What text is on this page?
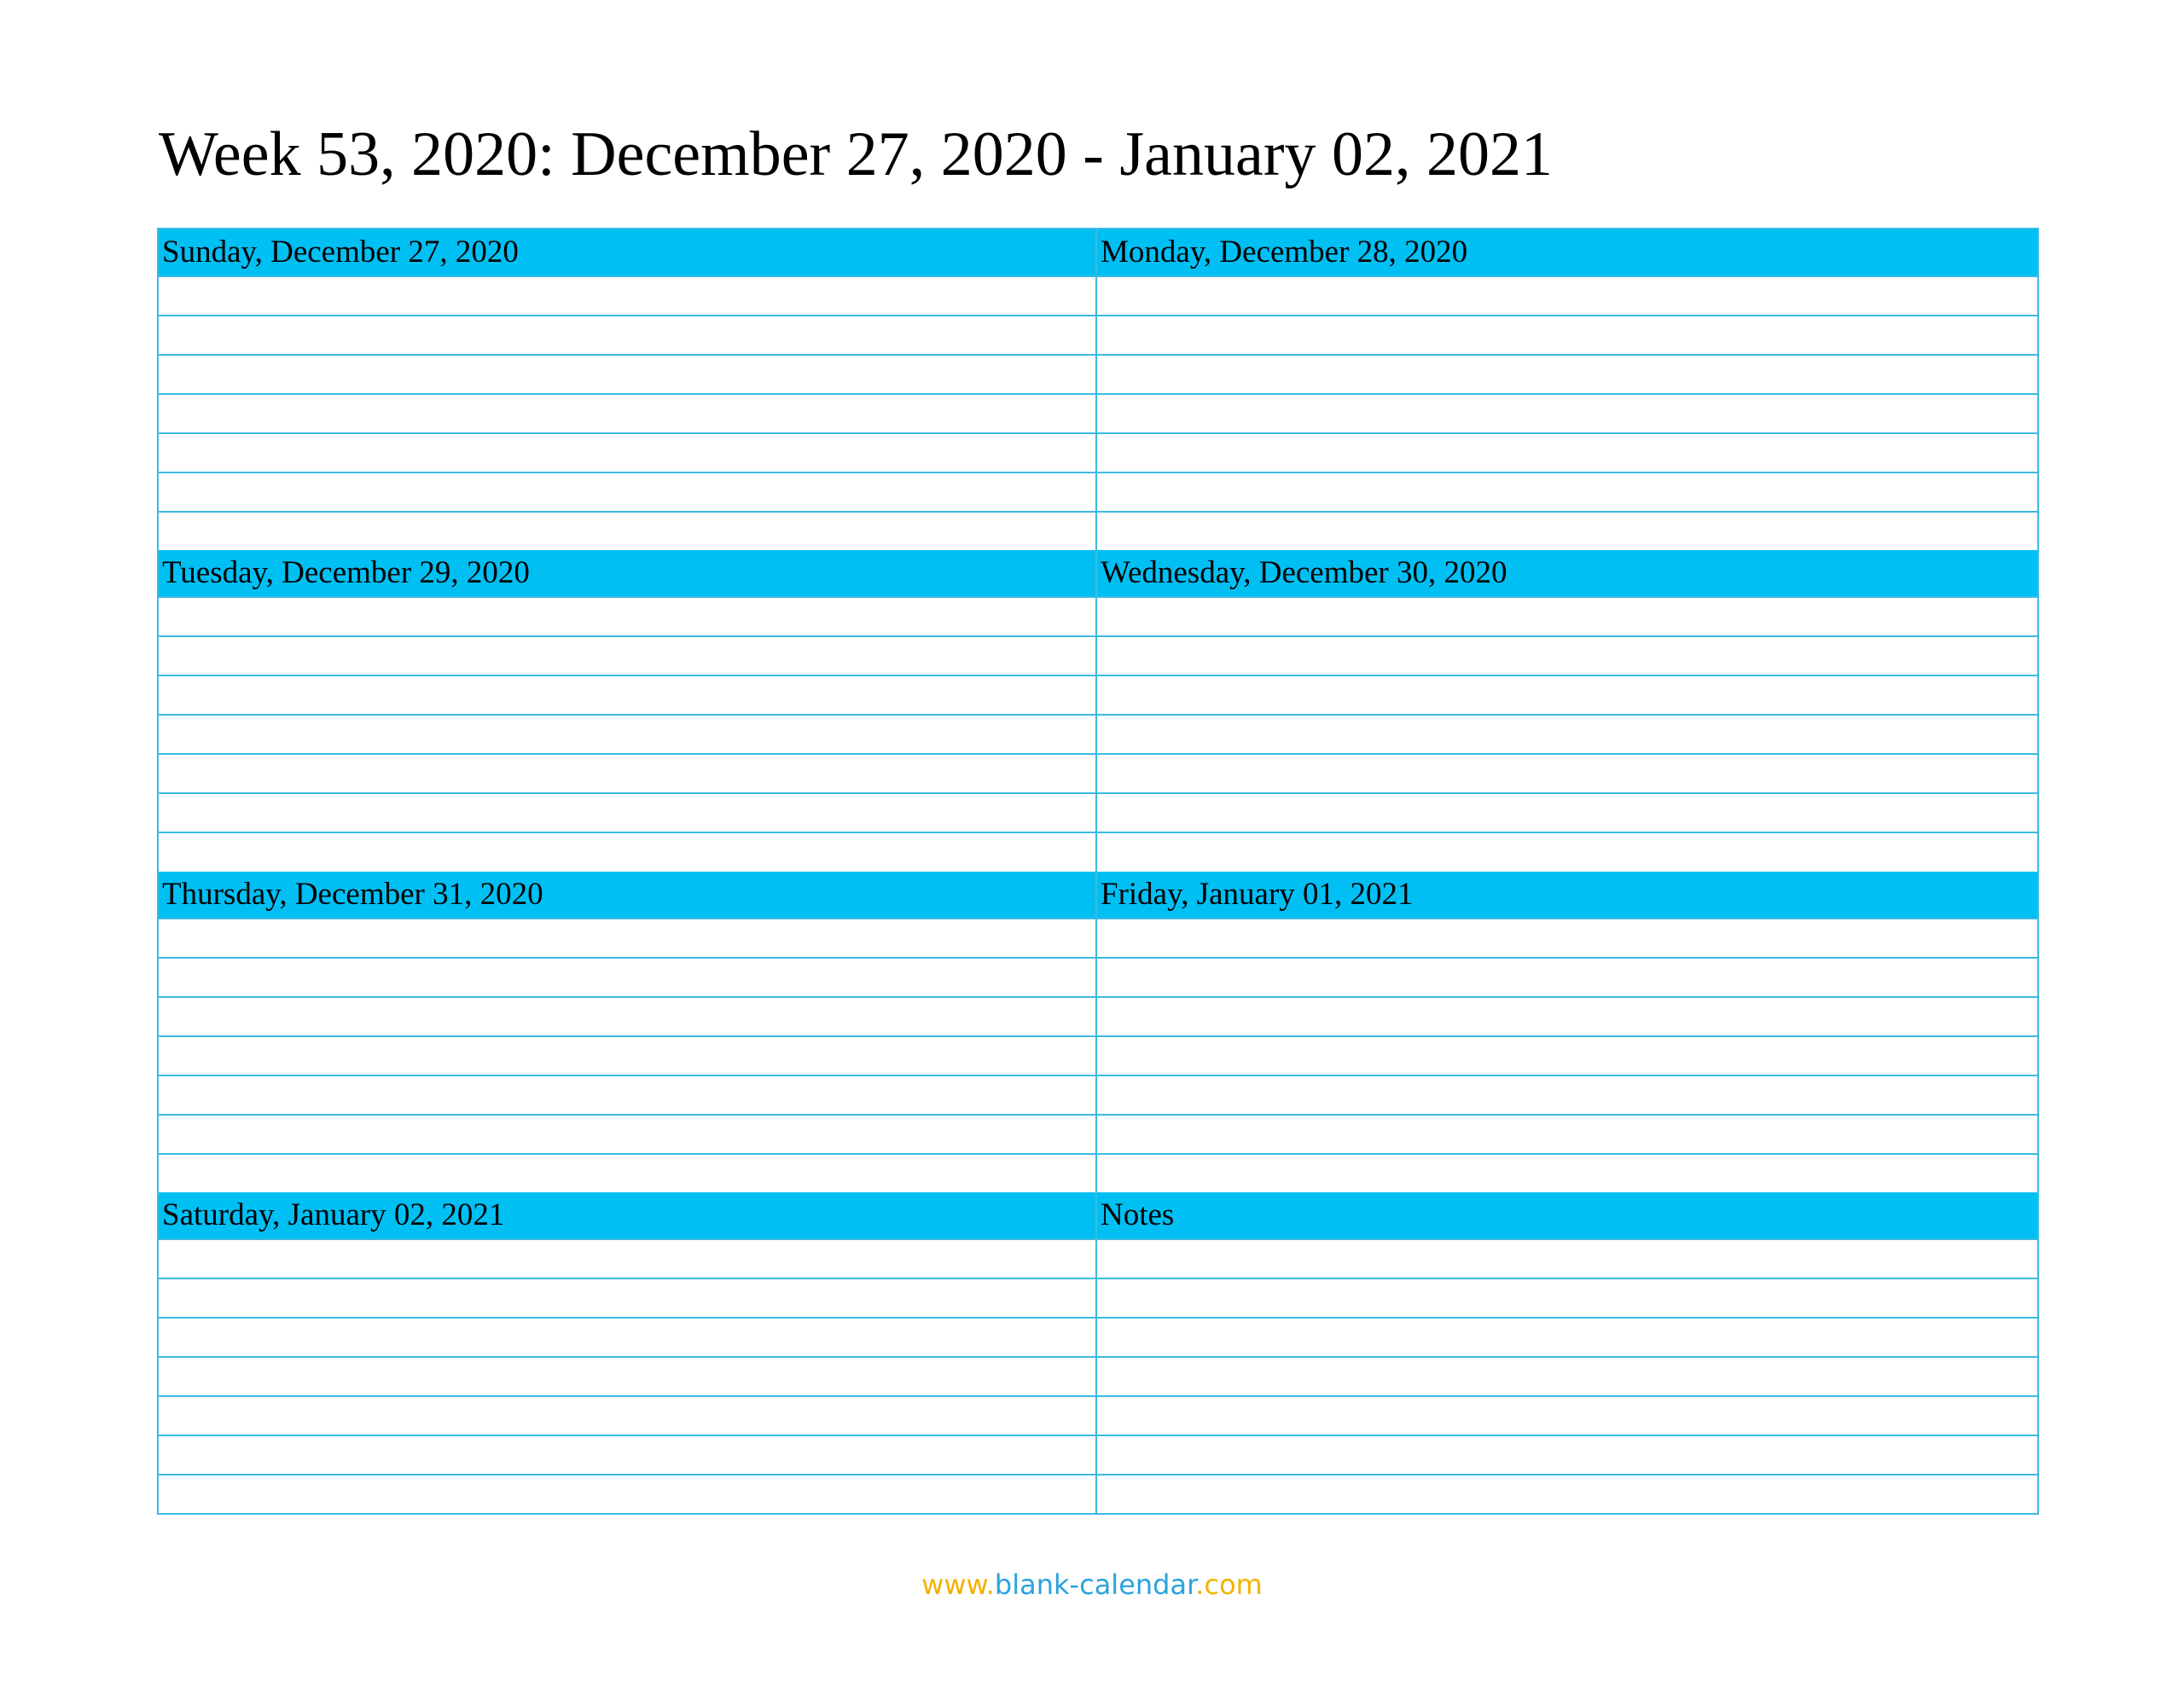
Week 53, 2020: December 27, 2020 - January 02, 2021
Sunday, December 27, 2020	Monday, December 28, 2020
Tuesday, December 29, 2020	Wednesday, December 30, 2020
Thursday, December 31, 2020	Friday, January 01, 2021
Saturday, January 02, 2021	Notes
www.blank-calendar.com
